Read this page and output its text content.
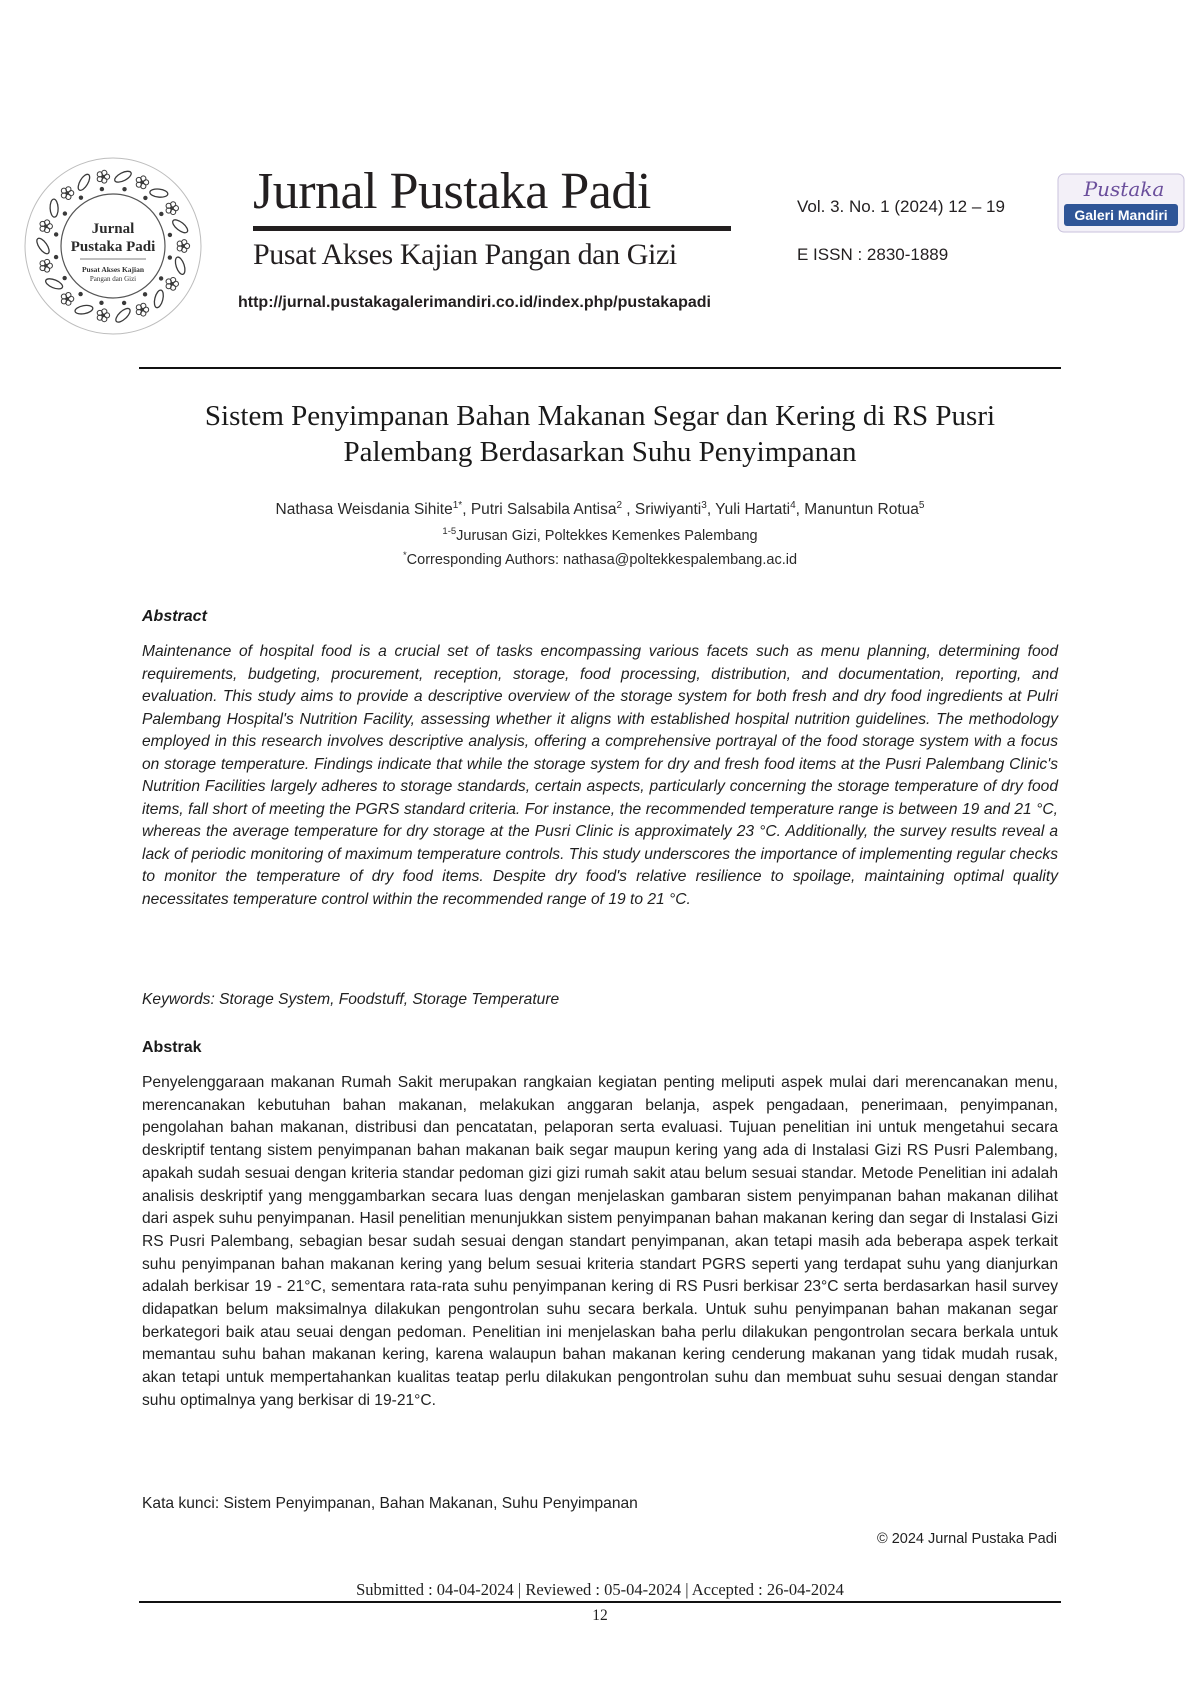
Jurnal
Pustaka Padi
Pusat Akses Kajian
Pangan dan Gizi
Jurnal Pustaka Padi
Pusat Akses Kajian Pangan dan Gizi
http://jurnal.pustakagalerimandiri.co.id/index.php/pustakapadi
Vol. 3. No. 1 (2024) 12 – 19
E ISSN : 2830-1889
Pustaka
Galeri Mandiri
Sistem Penyimpanan Bahan Makanan Segar dan Kering di RS Pusri Palembang Berdasarkan Suhu Penyimpanan
Nathasa Weisdania Sihite$^{1*}$, Putri Salsabila Antisa$^2$ , Sriwiyanti$^3$, Yuli Hartati$^4$, Manuntun Rotua$^5$
$^{1-5}$Jurusan Gizi, Poltekkes Kemenkes Palembang
*Corresponding Authors: nathasa@poltekkespalembang.ac.id
Abstract
Maintenance of hospital food is a crucial set of tasks encompassing various facets such as menu planning, determining food requirements, budgeting, procurement, reception, storage, food processing, distribution, and documentation, reporting, and evaluation. This study aims to provide a descriptive overview of the storage system for both fresh and dry food ingredients at Pulri Palembang Hospital's Nutrition Facility, assessing whether it aligns with established hospital nutrition guidelines. The methodology employed in this research involves descriptive analysis, offering a comprehensive portrayal of the food storage system with a focus on storage temperature. Findings indicate that while the storage system for dry and fresh food items at the Pusri Palembang Clinic's Nutrition Facilities largely adheres to storage standards, certain aspects, particularly concerning the storage temperature of dry food items, fall short of meeting the PGRS standard criteria. For instance, the recommended temperature range is between 19 and 21 °C, whereas the average temperature for dry storage at the Pusri Clinic is approximately 23 °C. Additionally, the survey results reveal a lack of periodic monitoring of maximum temperature controls. This study underscores the importance of implementing regular checks to monitor the temperature of dry food items. Despite dry food's relative resilience to spoilage, maintaining optimal quality necessitates temperature control within the recommended range of 19 to 21 °C.
Keywords: Storage System, Foodstuff, Storage Temperature
Abstrak
Penyelenggaraan makanan Rumah Sakit merupakan rangkaian kegiatan penting meliputi aspek mulai dari merencanakan menu, merencanakan kebutuhan bahan makanan, melakukan anggaran belanja, aspek pengadaan, penerimaan, penyimpanan, pengolahan bahan makanan, distribusi dan pencatatan, pelaporan serta evaluasi. Tujuan penelitian ini untuk mengetahui secara deskriptif tentang sistem penyimpanan bahan makanan baik segar maupun kering yang ada di Instalasi Gizi RS Pusri Palembang, apakah sudah sesuai dengan kriteria standar pedoman gizi gizi rumah sakit atau belum sesuai standar. Metode Penelitian ini adalah analisis deskriptif yang menggambarkan secara luas dengan menjelaskan gambaran sistem penyimpanan bahan makanan dilihat dari aspek suhu penyimpanan. Hasil penelitian menunjukkan sistem penyimpanan bahan makanan kering dan segar di Instalasi Gizi RS Pusri Palembang, sebagian besar sudah sesuai dengan standart penyimpanan, akan tetapi masih ada beberapa aspek terkait suhu penyimpanan bahan makanan kering yang belum sesuai kriteria standart PGRS seperti yang terdapat suhu yang dianjurkan adalah berkisar 19 - 21°C, sementara rata-rata suhu penyimpanan kering di RS Pusri berkisar 23°C serta berdasarkan hasil survey didapatkan belum maksimalnya dilakukan pengontrolan suhu secara berkala. Untuk suhu penyimpanan bahan makanan segar berkategori baik atau seuai dengan pedoman. Penelitian ini menjelaskan baha perlu dilakukan pengontrolan secara berkala untuk memantau suhu bahan makanan kering, karena walaupun bahan makanan kering cenderung makanan yang tidak mudah rusak, akan tetapi untuk mempertahankan kualitas teatap perlu dilakukan pengontrolan suhu dan membuat suhu sesuai dengan standar suhu optimalnya yang berkisar di 19-21°C.
Kata kunci: Sistem Penyimpanan, Bahan Makanan, Suhu Penyimpanan
© 2024 Jurnal Pustaka Padi
Submitted : 04-04-2024 | Reviewed : 05-04-2024 | Accepted : 26-04-2024
12
